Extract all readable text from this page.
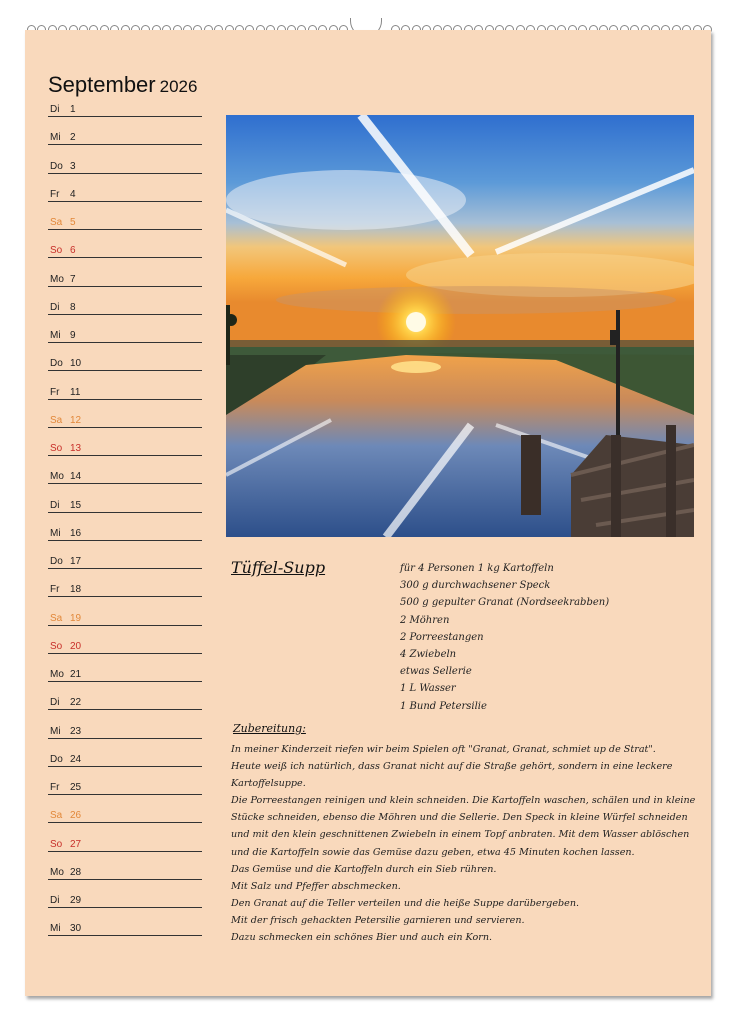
September 2026
Di 1
Mi 2
Do 3
Fr 4
Sa 5
So 6
Mo 7
Di 8
Mi 9
Do 10
Fr 11
Sa 12
So 13
Mo 14
Di 15
Mi 16
Do 17
Fr 18
Sa 19
So 20
Mo 21
Di 22
Mi 23
Do 24
Fr 25
Sa 26
So 27
Mo 28
Di 29
Mi 30
Tüffel-Supp	für 4 Personen 1 kg Kartoffeln
300 g durchwachsener Speck
500 g gepulter Granat (Nordseekrabben)
2 Möhren
2 Porreestangen
4 Zwiebeln
etwas Sellerie
1 L Wasser
1 Bund Petersilie
Zubereitung:
In meiner Kinderzeit riefen wir beim Spielen oft "Granat, Granat, schmiet up de Strat".
Heute weiß ich natürlich, dass Granat nicht auf die Straße gehört, sondern in eine leckere
Kartoffelsuppe.
Die Porreestangen reinigen und klein schneiden. Die Kartoffeln waschen, schälen und in kleine
Stücke schneiden, ebenso die Möhren und die Sellerie. Den Speck in kleine Würfel schneiden
und mit den klein geschnittenen Zwiebeln in einem Topf anbraten. Mit dem Wasser ablöschen
und die Kartoffeln sowie das Gemüse dazu geben, etwa 45 Minuten kochen lassen.
Das Gemüse und die Kartoffeln durch ein Sieb rühren.
Mit Salz und Pfeffer abschmecken.
Den Granat auf die Teller verteilen und die heiße Suppe darübergeben.
Mit der frisch gehackten Petersilie garnieren und servieren.
Dazu schmecken ein schönes Bier und auch ein Korn.
